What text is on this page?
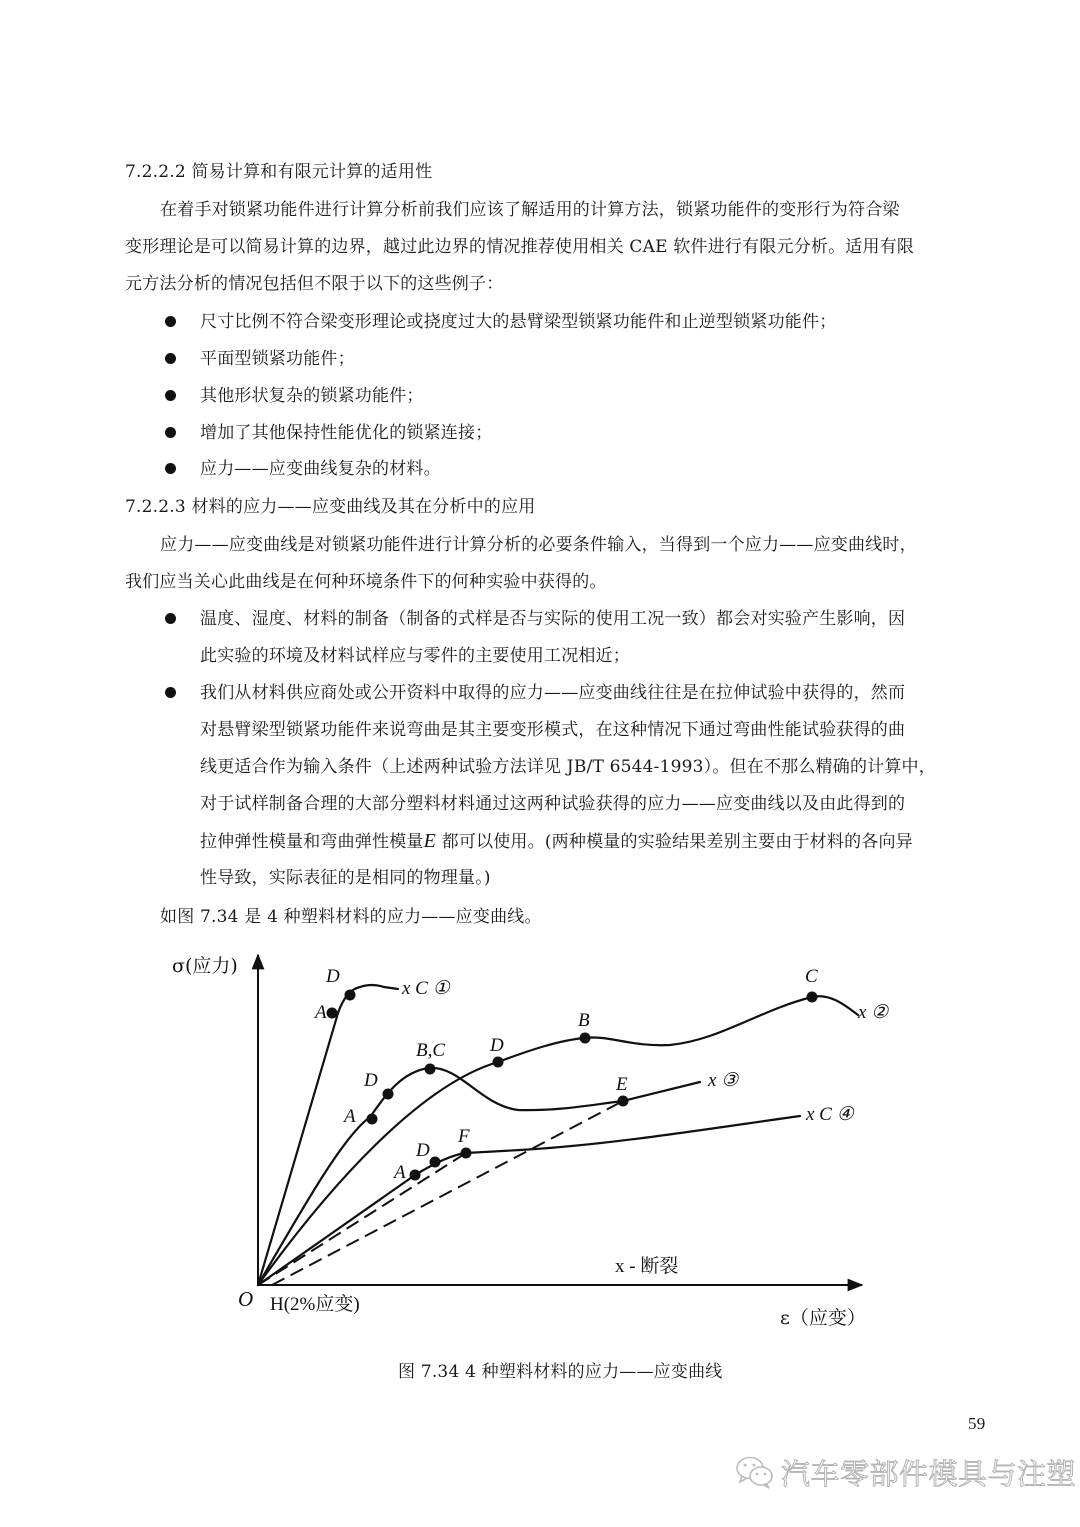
7.2.2.2 简易计算和有限元计算的适用性
在着手对锁紧功能件进行计算分析前我们应该了解适用的计算方法，锁紧功能件的变形行为符合梁
变形理论是可以简易计算的边界，越过此边界的情况推荐使用相关 CAE 软件进行有限元分析。适用有限
元方法分析的情况包括但不限于以下的这些例子：
尺寸比例不符合梁变形理论或挠度过大的悬臂梁型锁紧功能件和止逆型锁紧功能件；
平面型锁紧功能件；
其他形状复杂的锁紧功能件；
增加了其他保持性能优化的锁紧连接；
应力——应变曲线复杂的材料。
7.2.2.3 材料的应力——应变曲线及其在分析中的应用
应力——应变曲线是对锁紧功能件进行计算分析的必要条件输入，当得到一个应力——应变曲线时，
我们应当关心此曲线是在何种环境条件下的何种实验中获得的。
温度、湿度、材料的制备（制备的式样是否与实际的使用工况一致）都会对实验产生影响，因
此实验的环境及材料试样应与零件的主要使用工况相近；
我们从材料供应商处或公开资料中取得的应力——应变曲线往往是在拉伸试验中获得的，然而
对悬臂梁型锁紧功能件来说弯曲是其主要变形模式，在这种情况下通过弯曲性能试验获得的曲
线更适合作为输入条件（上述两种试验方法详见 JB/T 6544-1993）。但在不那么精确的计算中，
对于试样制备合理的大部分塑料材料通过这两种试验获得的应力——应变曲线以及由此得到的
拉伸弹性模量和弯曲弹性模量E 都可以使用。(两种模量的实验结果差别主要由于材料的各向异
性导致，实际表征的是相同的物理量。)
如图 7.34 是 4 种塑料材料的应力——应变曲线。
σ(应力)
ε（应变）
O H(2%应变)
x - 断裂
x C ①
x ②
x ③
x C ④
D
A
D
A
B,C D
B
C
E
A
D
F
图 7.34 4 种塑料材料的应力——应变曲线
59
汽车零部件模具与注塑
